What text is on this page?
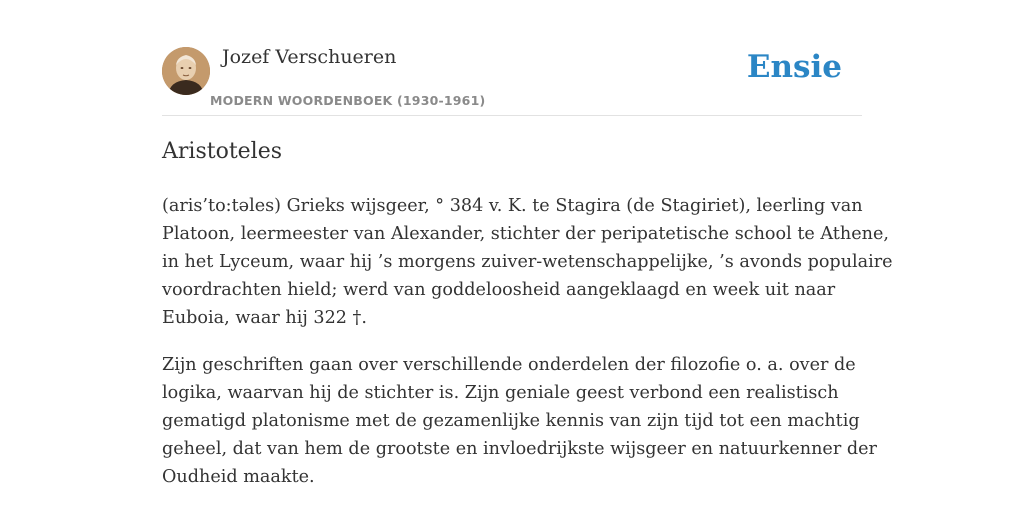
Jozef Verschueren
MODERN WOORDENBOEK (1930-1961)
Ensie
Aristoteles

(aris’to:təles) Grieks wijsgeer, ° 384 v. K. te Stagira (de Stagiriet), leerling van
Platoon, leermeester van Alexander, stichter der peripatetische school te Athene,
in het Lyceum, waar hij ’s morgens zuiver-wetenschappelijke, ’s avonds populaire
voordrachten hield; werd van goddeloosheid aangeklaagd en week uit naar
Euboia, waar hij 322 †.

Zijn geschriften gaan over verschillende onderdelen der filozofie o. a. over de
logika, waarvan hij de stichter is. Zijn geniale geest verbond een realistisch
gematigd platonisme met de gezamenlijke kennis van zijn tijd tot een machtig
geheel, dat van hem de grootste en invloedrijkste wijsgeer en natuurkenner der
Oudheid maakte.
